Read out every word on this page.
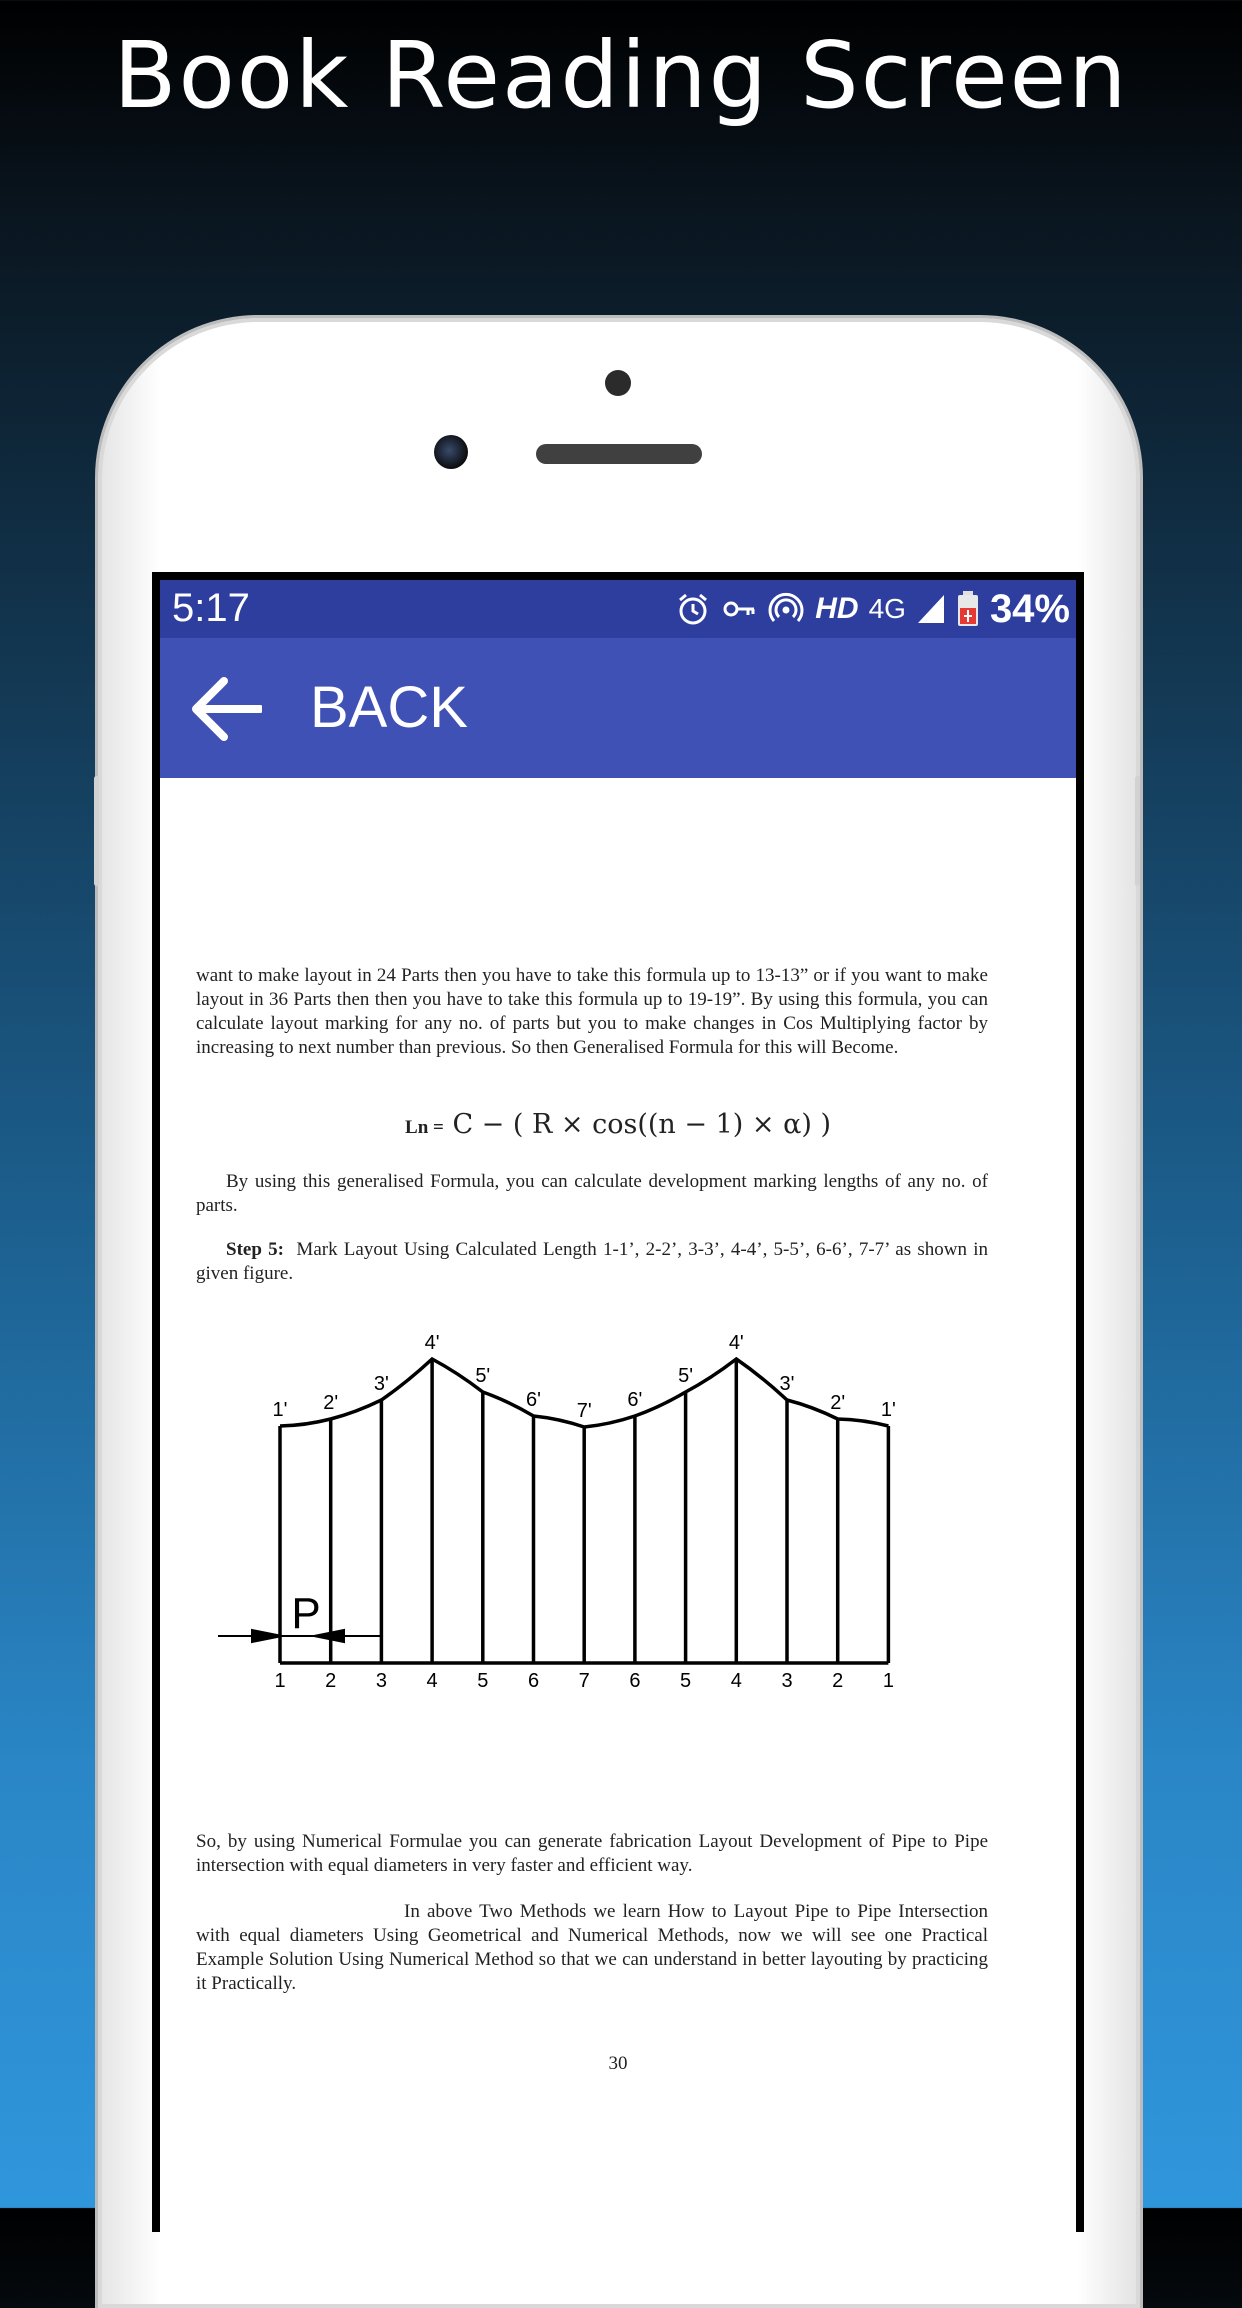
Book Reading Screen
5:17	HD 4G 34%
BACK

want to make layout in 24 Parts then you have to take this formula up to 13-13” or if you want to make layout in 36 Parts then then you have to take this formula up to 19-19”. By using this formula, you can calculate layout marking for any no. of parts but you to make changes in Cos Multiplying factor by increasing to next number than previous. So then Generalised Formula for this will Become.

Ln = C − ( R × cos((n − 1) × α) )

By using this generalised Formula, you can calculate development marking lengths of any no. of parts.

Step 5: Mark Layout Using Calculated Length 1-1’, 2-2’, 3-3’, 4-4’, 5-5’, 6-6’, 7-7’ as shown in given figure.

1'
1
2'
2
3'
3
4'
4
5'
5
6'
6
7'
7
6'
6
5'
5
4'
4
3'
3
2'
2
1'
1
P

So, by using Numerical Formulae you can generate fabrication Layout Development of Pipe to Pipe intersection with equal diameters in very faster and efficient way.

In above Two Methods we learn How to Layout Pipe to Pipe Intersection with equal diameters Using Geometrical and Numerical Methods, now we will see one Practical Example Solution Using Numerical Method so that we can understand in better layouting by practicing it Practically.

30
